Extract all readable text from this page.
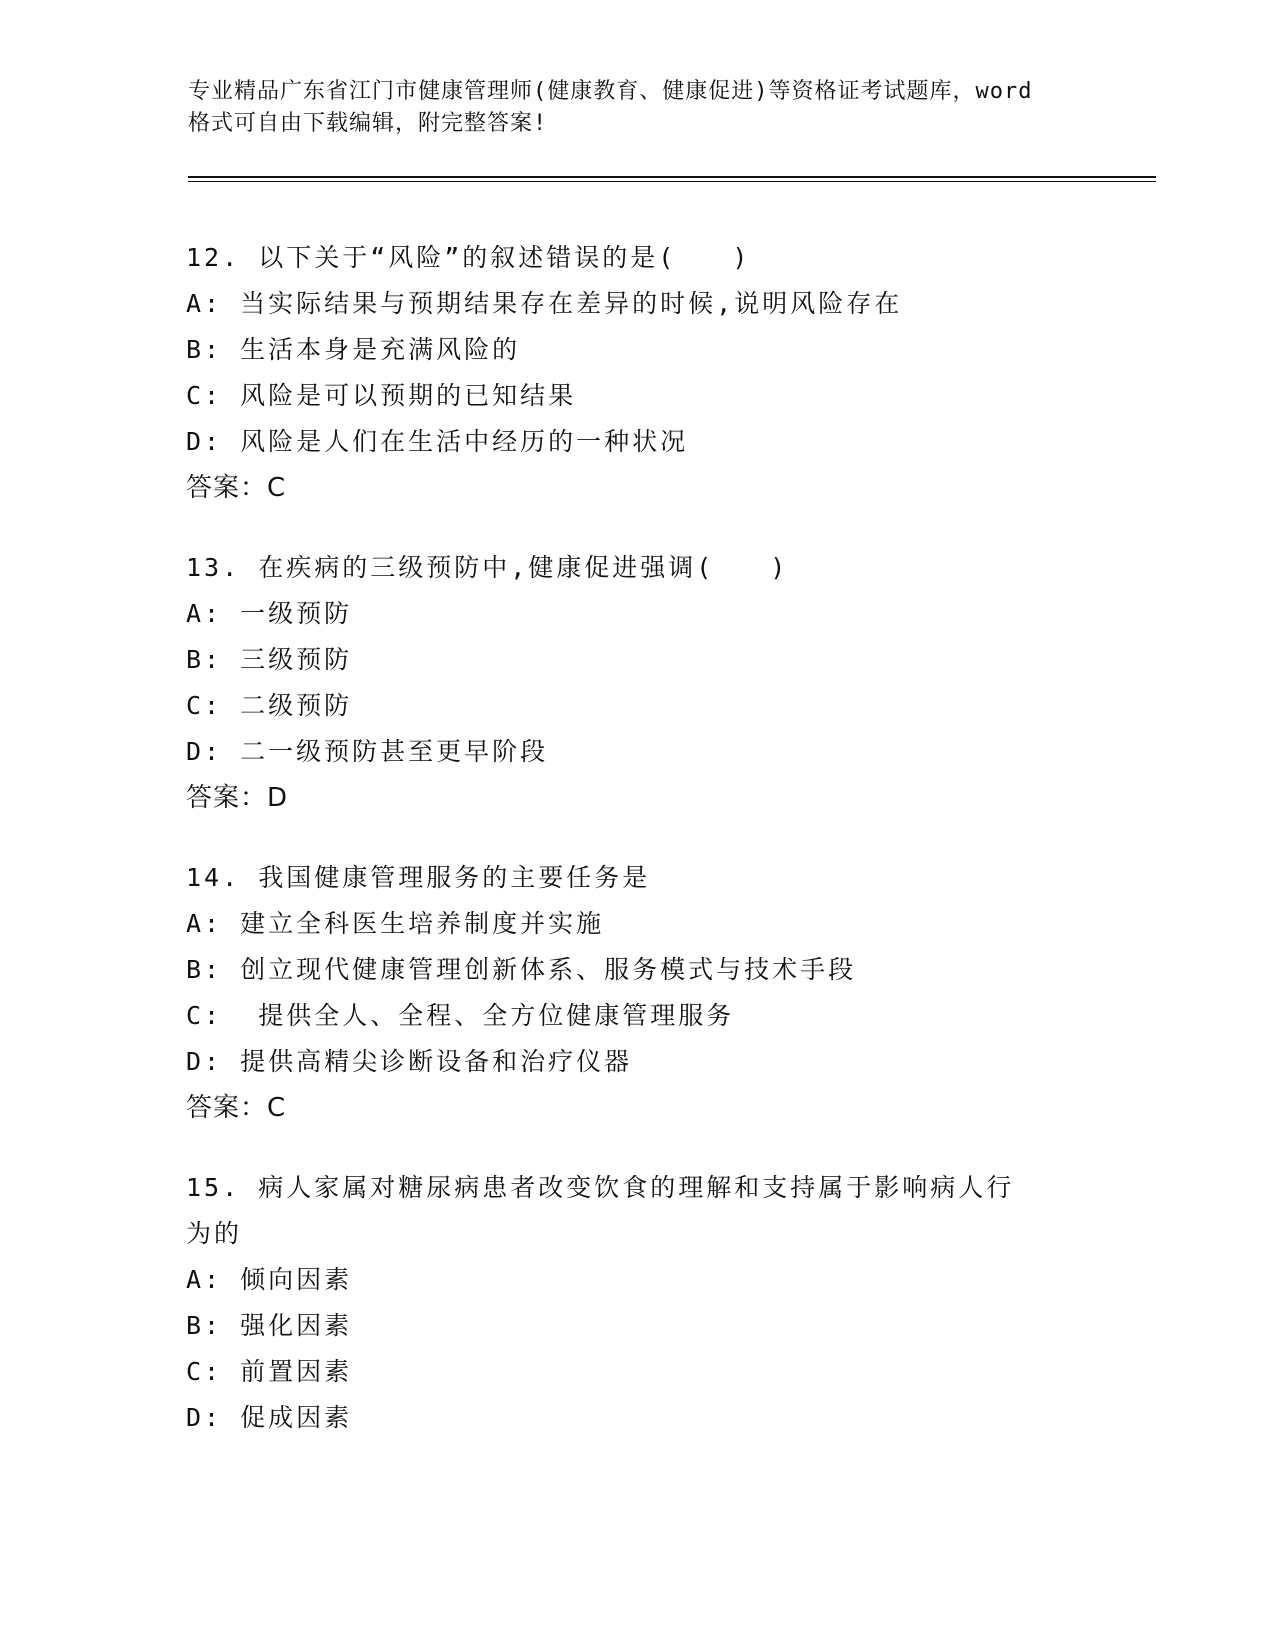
专业精品广东省江门市健康管理师(健康教育、健康促进)等资格证考试题库，word
格式可自由下载编辑，附完整答案!
12. 以下关于“风险”的叙述错误的是(　　)
A: 当实际结果与预期结果存在差异的时候,说明风险存在
B: 生活本身是充满风险的
C: 风险是可以预期的已知结果
D: 风险是人们在生活中经历的一种状况
答案：C
13. 在疾病的三级预防中,健康促进强调(　　)
A: 一级预防
B: 三级预防
C: 二级预防
D: 二一级预防甚至更早阶段
答案：D
14. 我国健康管理服务的主要任务是
A: 建立全科医生培养制度并实施
B: 创立现代健康管理创新体系、服务模式与技术手段
C:  提供全人、全程、全方位健康管理服务
D: 提供高精尖诊断设备和治疗仪器
答案：C
15. 病人家属对糖尿病患者改变饮食的理解和支持属于影响病人行为的
A: 倾向因素
B: 强化因素
C: 前置因素
D: 促成因素
